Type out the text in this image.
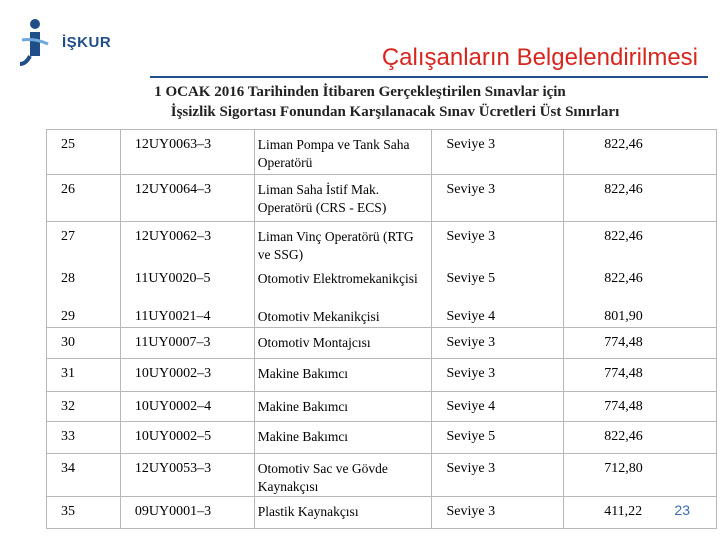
İŞKUR
Çalışanların Belgelendirilmesi
1 OCAK 2016 Tarihinden İtibaren Gerçekleştirilen Sınavlar için
İşsizlik Sigortası Fonundan Karşılanacak Sınav Ücretleri Üst Sınırları
25	12UY0063–3	Liman Pompa ve Tank Saha Operatörü	Seviye 3	822,46
26	12UY0064–3	Liman Saha İstif Mak. Operatörü (CRS - ECS)	Seviye 3	822,46
27	12UY0062–3	Liman Vinç Operatörü (RTG ve SSG)	Seviye 3	822,46
28	11UY0020–5	Otomotiv Elektromekanikçisi	Seviye 5	822,46
29	11UY0021–4	Otomotiv Mekanikçisi	Seviye 4	801,90
30	11UY0007–3	Otomotiv Montajcısı	Seviye 3	774,48
31	10UY0002–3	Makine Bakımcı	Seviye 3	774,48
32	10UY0002–4	Makine Bakımcı	Seviye 4	774,48
33	10UY0002–5	Makine Bakımcı	Seviye 5	822,46
34	12UY0053–3	Otomotiv Sac ve Gövde Kaynakçısı	Seviye 3	712,80
35	09UY0001–3	Plastik Kaynakçısı	Seviye 3	411,22 23
